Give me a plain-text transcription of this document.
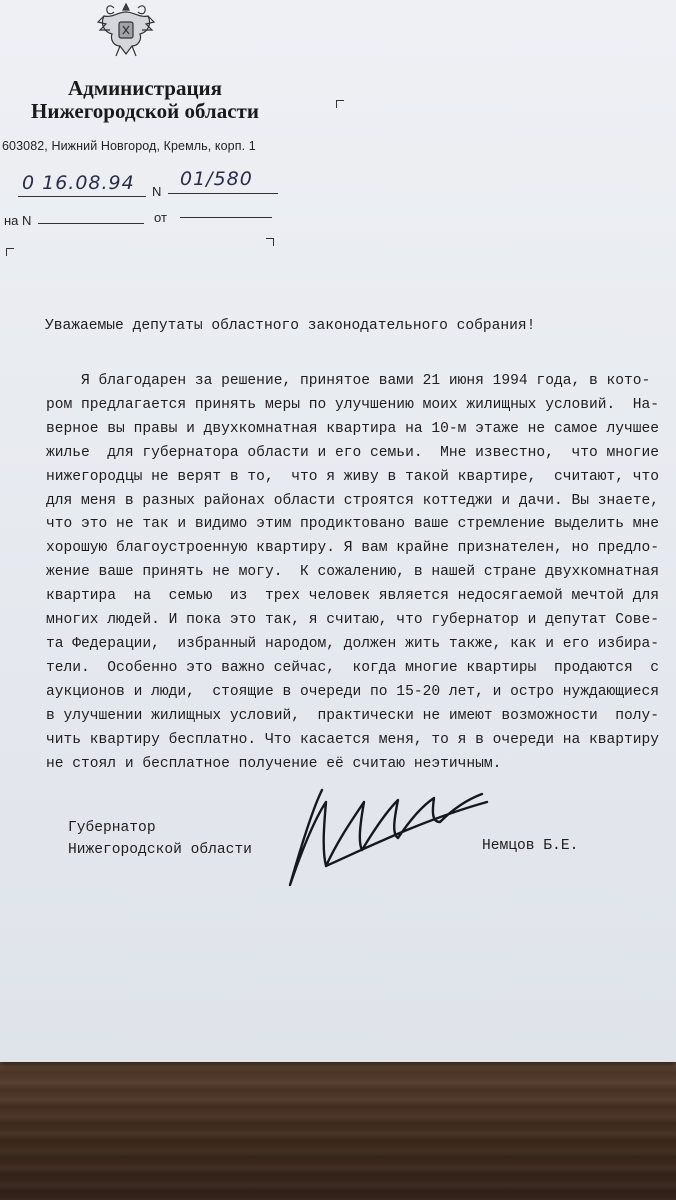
Администрация
Нижегородской области
603082, Нижний Новгород, Кремль, корп. 1
0 16.08.94 N
01/580
на N	от
Уважаемые депутаты областного законодательного собрания!
Я благодарен за решение, принятое вами 21 июня 1994 года, в кото-
ром предлагается принять меры по улучшению моих жилищных условий.  На-
верное вы правы и двухкомнатная квартира на 10-м этаже не самое лучшее
жилье  для губернатора области и его семьи.  Мне известно,  что многие
нижегородцы не верят в то,  что я живу в такой квартире,  считают, что
для меня в разных районах области строятся коттеджи и дачи. Вы знаете,
что это не так и видимо этим продиктовано ваше стремление выделить мне
хорошую благоустроенную квартиру. Я вам крайне признателен, но предло-
жение ваше принять не могу.  К сожалению, в нашей стране двухкомнатная
квартира  на  семью  из  трех человек является недосягаемой мечтой для
многих людей. И пока это так, я считаю, что губернатор и депутат Сове-
та Федерации,  избранный народом, должен жить также, как и его избира-
тели.  Особенно это важно сейчас,  когда многие квартиры  продаются  с
аукционов и люди,  стоящие в очереди по 15-20 лет, и остро нуждающиеся
в улучшении жилищных условий,  практически не имеют возможности  полу-
чить квартиру бесплатно. Что касается меня, то я в очереди на квартиру
не стоял и бесплатное получение её считаю неэтичным.
Губернатор
Нижегородской области	Немцов Б.Е.
